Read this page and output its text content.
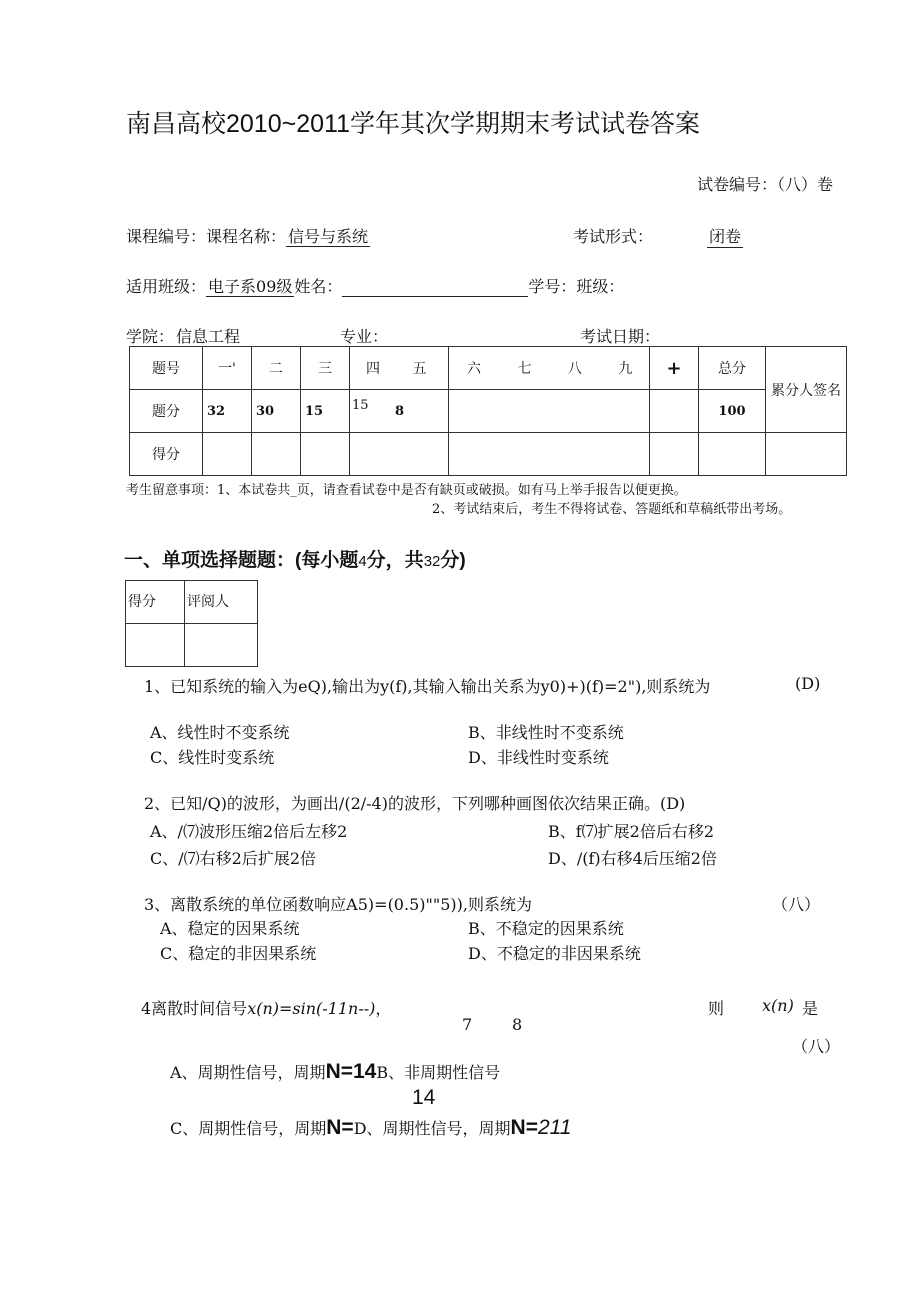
南昌高校2010~2011学年其次学期期末考试试卷答案
试卷编号：（八）卷
课程编号：课程名称： 信号与系统	考试形式：	闭卷
适用班级： 电子系09级 姓名：	学号：班级：
学院： 信息工程	专业：	考试日期：
题号	一'	二	三	四 五	六 七 八 九	+	总分	累分人签名
题分	32	30	15	15 8			100	
得分								
考生留意事项：1、本试卷共_页，请查看试卷中是否有缺页或破损。如有马上举手报告以便更换。
2、考试结束后，考生不得将试卷、答题纸和草稿纸带出考场。
一、单项选择题题：(每小题4分，共32分)
得分	评阅人

1、已知系统的输入为eQ),输出为y(f),其输入输出关系为y0)+)(f)=2"),则系统为	(D)
A、线性时不变系统	B、非线性时不变系统
C、线性时变系统	D、非线性时变系统
2、已知/Q)的波形，为画出/(2/-4)的波形，下列哪种画图依次结果正确。(D)
A、/⑺波形压缩2倍后左移2	B、f⑺扩展2倍后右移2
C、/⑺右移2后扩展2倍	D、/(f)右移4后压缩2倍
3、离散系统的单位函数响应A5)=(0.5)""5)),则系统为	（八）
A、稳定的因果系统	B、不稳定的因果系统
C、稳定的非因果系统	D、不稳定的非因果系统
4离散时间信号x(n)=sin(-11n--)，	则 x(n) 是
7 8
（八）
A、周期性信号，周期N=14B、非周期性信号
14
C、周期性信号，周期N=D、周期性信号，周期N=211
